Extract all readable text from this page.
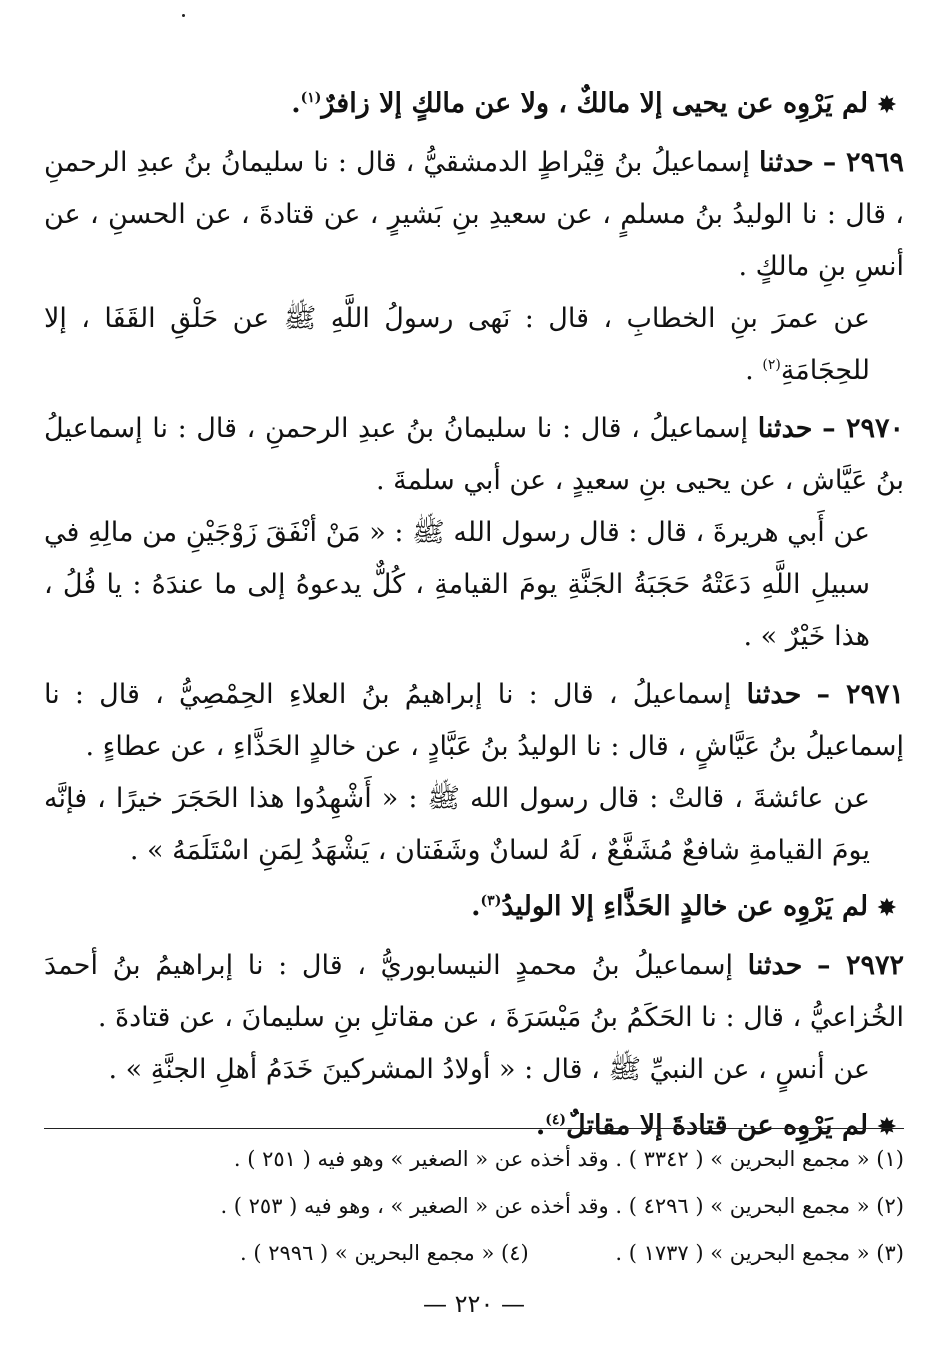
✸ لم يَرْوِه عن يحيى إلا مالكٌ ، ولا عن مالكٍ إلا زافرٌ$^{(١)}$.

٢٩٦٩ – حدثنا إسماعيلُ بنُ قِيْراطٍ الدمشقيُّ ، قال : نا سليمانُ بنُ عبدِ الرحمنِ ، قال : نا الوليدُ بنُ مسلمٍ ، عن سعيدِ بنِ بَشيرٍ ، عن قتادةَ ، عن الحسنِ ، عن أنسِ بنِ مالكٍ .

عن عمرَ بنِ الخطابِ ، قال : نَهى رسولُ اللَّهِ ﷺ عن حَلْقِ القَفَا ، إلا للحِجَامَةِ$^{(٢)}$ .

٢٩٧٠ – حدثنا إسماعيلُ ، قال : نا سليمانُ بنُ عبدِ الرحمنِ ، قال : نا إسماعيلُ بنُ عَيَّاش ، عن يحيى بنِ سعيدٍ ، عن أبي سلمةَ .

عن أَبي هريرةَ ، قال : قال رسول الله ﷺ : « مَنْ أنْفَقَ زَوْجَيْنِ من مالِهِ في سبيلِ اللَّهِ دَعَتْهُ حَجَبَةُ الجَنَّةِ يومَ القيامةِ ، كُلٌّ يدعوهُ إلى ما عندَهُ : يا فُلُ ، هذا خَيْرٌ » .

٢٩٧١ – حدثنا إسماعيلُ ، قال : نا إبراهيمُ بنُ العلاءِ الحِمْصِيُّ ، قال : نا إسماعيلُ بنُ عَيَّاشٍ ، قال : نا الوليدُ بنُ عَبَّادٍ ، عن خالدٍ الحَذَّاءِ ، عن عطاءٍ .

عن عائشةَ ، قالتْ : قال رسول الله ﷺ : « أَشْهِدُوا هذا الحَجَرَ خيرًا ، فإنَّه يومَ القيامةِ شافعٌ مُشَفَّعٌ ، لَهُ لسانٌ وشَفَتان ، يَشْهَدُ لِمَنِ اسْتَلَمَهُ » .

✸ لم يَرْوِه عن خالدٍ الحَذَّاءِ إلا الوليدُ$^{(٣)}$.

٢٩٧٢ – حدثنا إسماعيلُ بنُ محمدٍ النيسابوريُّ ، قال : نا إبراهيمُ بنُ أحمدَ الخُزاعيُّ ، قال : نا الحَكَمُ بنُ مَيْسَرَةَ ، عن مقاتلِ بنِ سليمانَ ، عن قتادةَ .

عن أنسٍ ، عن النبيِّ ﷺ ، قال : « أولادُ المشركينَ خَدَمُ أهلِ الجنَّةِ » .

✸ لم يَرْوِه عن قتادةَ إلا مقاتلٌ$^{(٤)}$.

(١) « مجمع البحرين » ( ٣٣٤٢ ) . وقد أخذه عن « الصغير » وهو فيه ( ٢٥١ ) .
(٢) « مجمع البحرين » ( ٤٢٩٦ ) . وقد أخذه عن « الصغير » ، وهو فيه ( ٢٥٣ ) .
(٣) « مجمع البحرين » ( ١٧٣٧ ) . (٤) « مجمع البحرين » ( ٢٩٩٦ ) .
— ٢٢٠ —
